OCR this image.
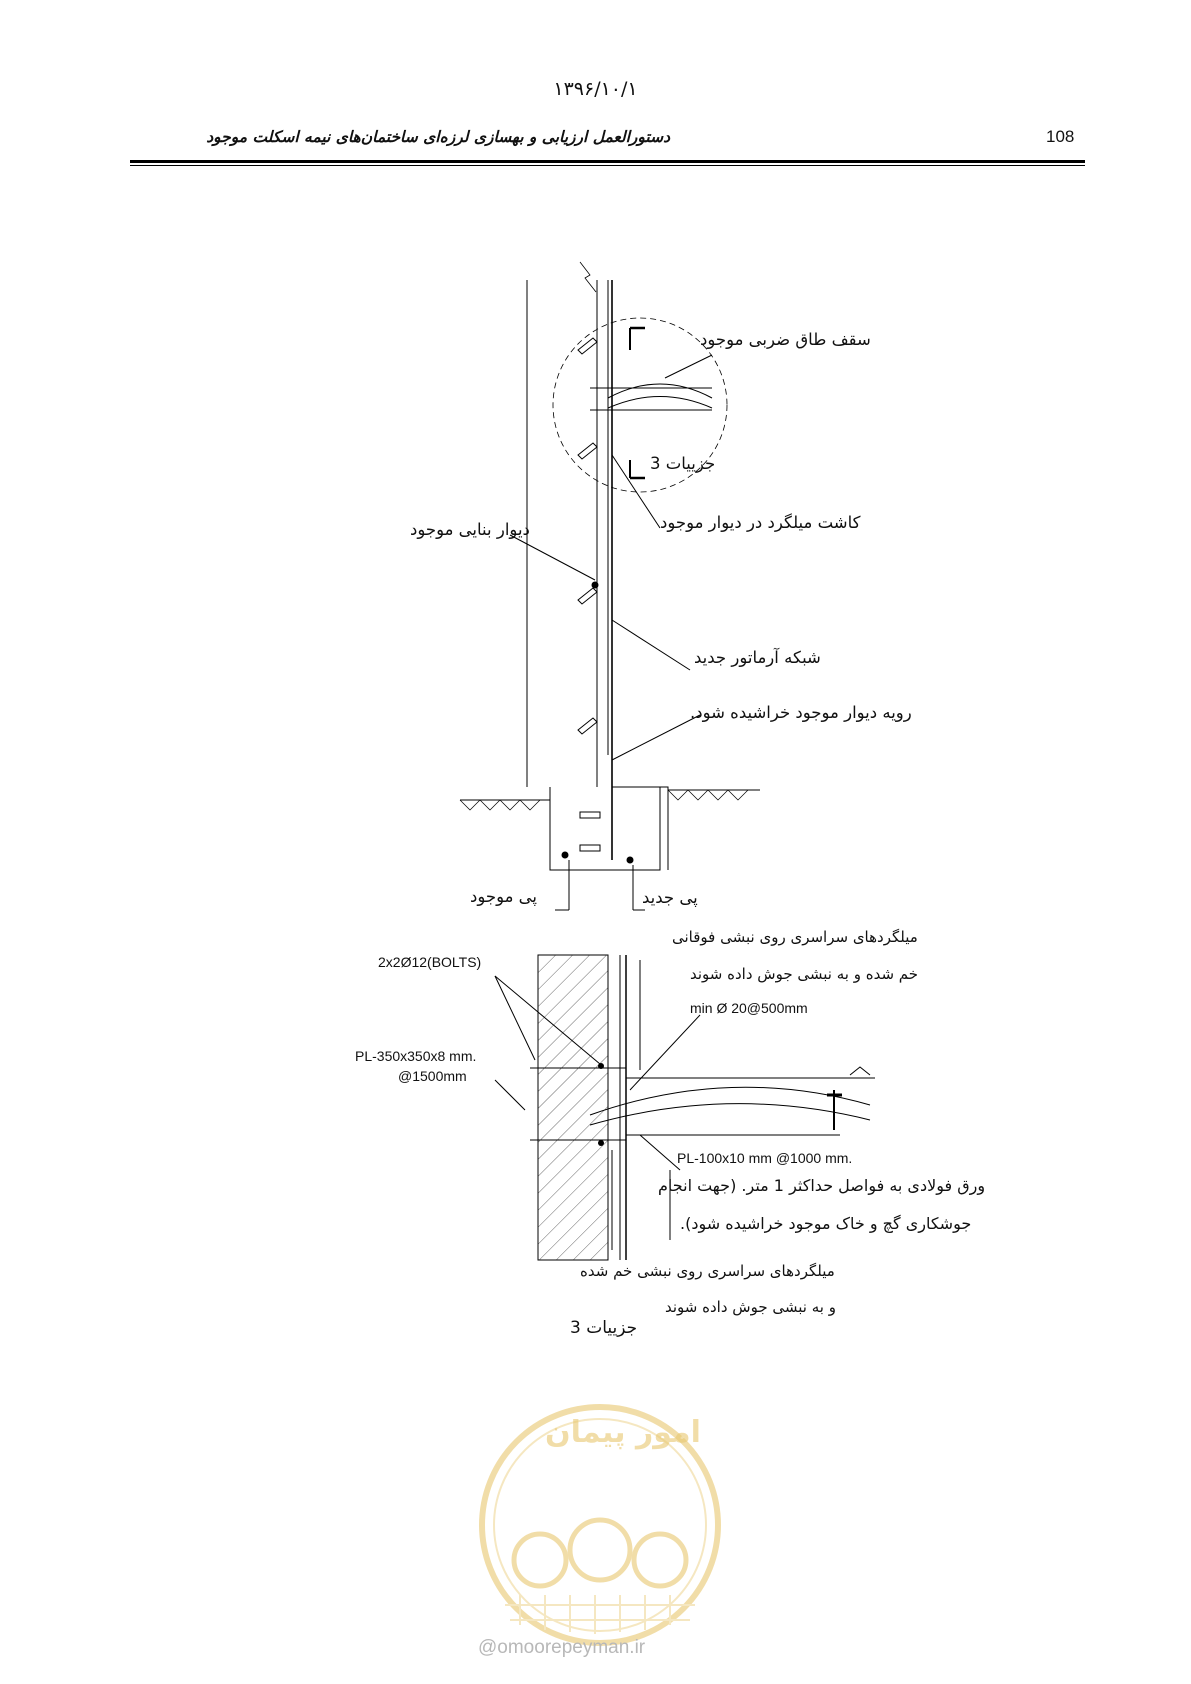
۱۳۹۶/۱۰/۱
دستورالعمل ارزیابی و بهسازی لرزه‌ای ساختمان‌های نیمه اسکلت موجود	108
سقف طاق ضربی موجود
جزییات 3
کاشت میلگرد در دیوار موجود
دیوار بنایی موجود
شبکه آرماتور جدید
رویه دیوار موجود خراشیده شود.
پی موجود	پی جدید
میلگردهای سراسری روی نبشی فوقانی
خم شده و به نبشی جوش داده شوند
2x2Ø12(BOLTS)
min Ø 20@500mm
PL-350x350x8 mm.
@1500mm
PL-100x10 mm @1000 mm.
ورق فولادی به فواصل حداکثر 1 متر. (جهت انجام
جوشکاری گچ و خاک موجود خراشیده شود).
میلگردهای سراسری روی نبشی خم شده
و به نبشی جوش داده شوند
جزییات 3
امور پیمان
@omoorepeyman.ir
